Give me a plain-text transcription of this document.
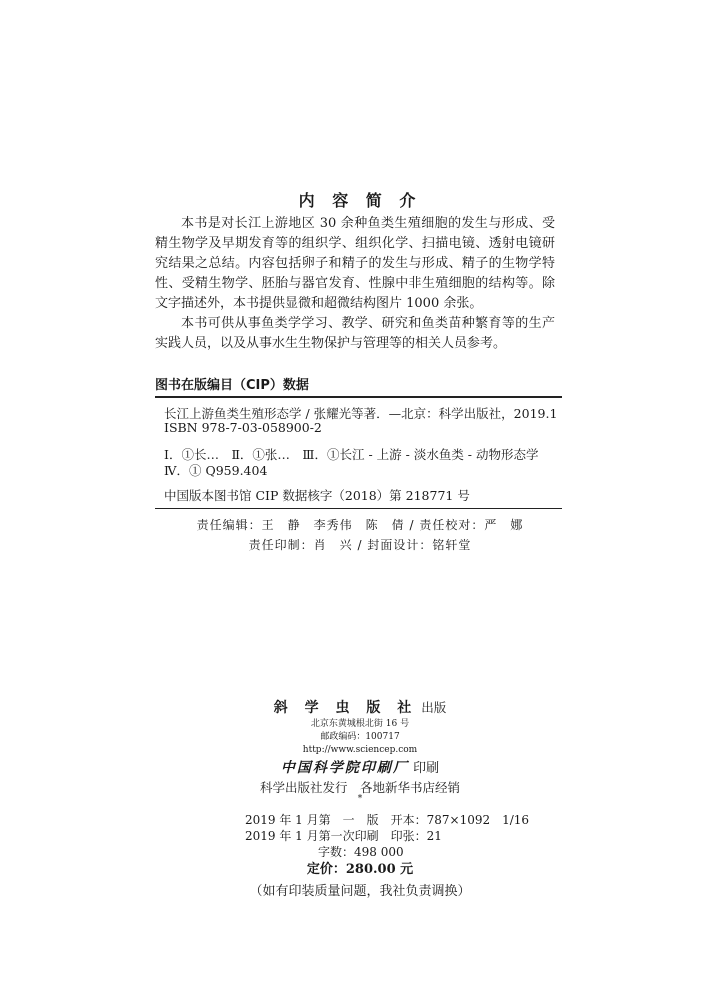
内 容 简 介

本书是对长江上游地区 30 余种鱼类生殖细胞的发生与形成、受精生物学及早期发育等的组织学、组织化学、扫描电镜、透射电镜研究结果之总结。内容包括卵子和精子的发生与形成、精子的生物学特性、受精生物学、胚胎与器官发育、性腺中非生殖细胞的结构等。除文字描述外，本书提供显微和超微结构图片 1000 余张。

本书可供从事鱼类学学习、教学、研究和鱼类苗种繁育等的生产实践人员，以及从事水生生物保护与管理等的相关人员参考。

图书在版编目（CIP）数据
长江上游鱼类生殖形态学 / 张耀光等著．—北京：科学出版社，2019.1
ISBN 978-7-03-058900-2
Ⅰ．①长…　Ⅱ．①张…　Ⅲ．①长江 - 上游 - 淡水鱼类 - 动物形态学
Ⅳ．① Q959.404
中国版本图书馆 CIP 数据核字（2018）第 218771 号
责任编辑：王　静　李秀伟　陈　倩 / 责任校对：严　娜
责任印制：肖　兴 / 封面设计：铭轩堂
斜 学 虫 版 社 出版
北京东黄城根北街 16 号
邮政编码：100717
http://www.sciencep.com
中国科学院印刷厂 印刷
科学出版社发行　各地新华书店经销
*
2019 年 1 月第　一　版　开本：787×1092　1/16
2019 年 1 月第一次印刷　印张：21
字数：498 000
定价：280.00 元
（如有印装质量问题，我社负责调换）
